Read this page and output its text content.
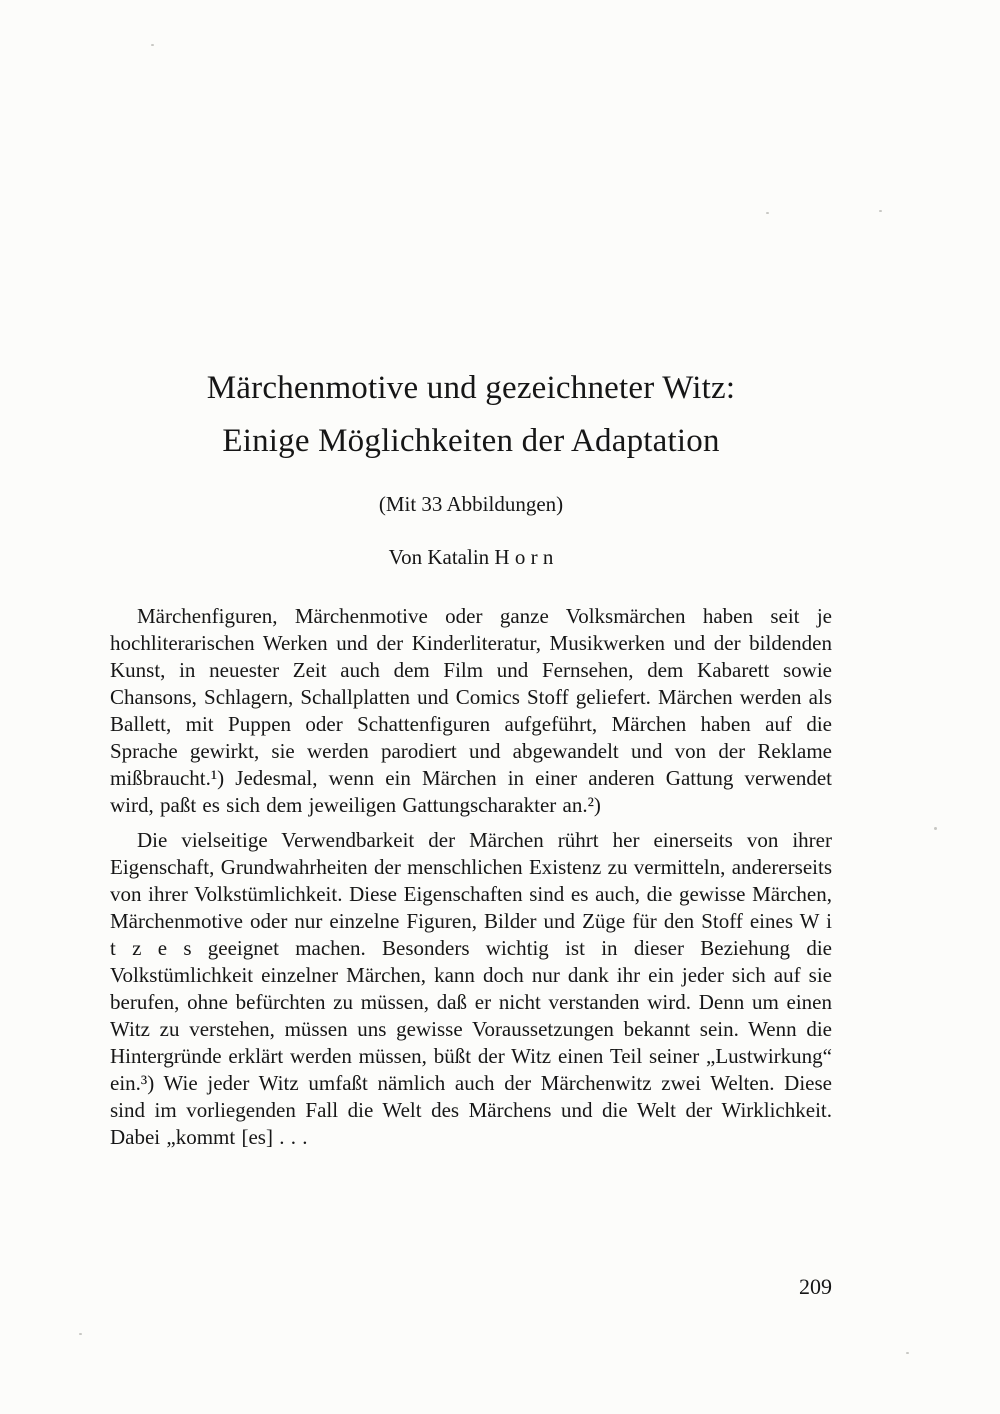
Märchenmotive und gezeichneter Witz:
Einige Möglichkeiten der Adaptation
(Mit 33 Abbildungen)
Von Katalin H o r n

Märchenfiguren, Märchenmotive oder ganze Volksmärchen haben seit je hochliterarischen Werken und der Kinderliteratur, Musikwerken und der bildenden Kunst, in neuester Zeit auch dem Film und Fernsehen, dem Kabarett sowie Chansons, Schlagern, Schallplatten und Comics Stoff geliefert. Märchen werden als Ballett, mit Puppen oder Schattenfiguren aufgeführt, Märchen haben auf die Sprache gewirkt, sie werden parodiert und abgewandelt und von der Reklame mißbraucht.¹) Jedesmal, wenn ein Märchen in einer anderen Gattung verwendet wird, paßt es sich dem jeweiligen Gattungscharakter an.²)

Die vielseitige Verwendbarkeit der Märchen rührt her einerseits von ihrer Eigenschaft, Grundwahrheiten der menschlichen Existenz zu vermitteln, andererseits von ihrer Volkstümlichkeit. Diese Eigenschaften sind es auch, die gewisse Märchen, Märchenmotive oder nur einzelne Figuren, Bilder und Züge für den Stoff eines W i t z e s geeignet machen. Besonders wichtig ist in dieser Beziehung die Volkstümlichkeit einzelner Märchen, kann doch nur dank ihr ein jeder sich auf sie berufen, ohne befürchten zu müssen, daß er nicht verstanden wird. Denn um einen Witz zu verstehen, müssen uns gewisse Voraussetzungen bekannt sein. Wenn die Hintergründe erklärt werden müssen, büßt der Witz einen Teil seiner „Lustwirkung“ ein.³) Wie jeder Witz umfaßt nämlich auch der Märchenwitz zwei Welten. Diese sind im vorliegenden Fall die Welt des Märchens und die Welt der Wirklichkeit. Dabei „kommt [es] . . .

209
